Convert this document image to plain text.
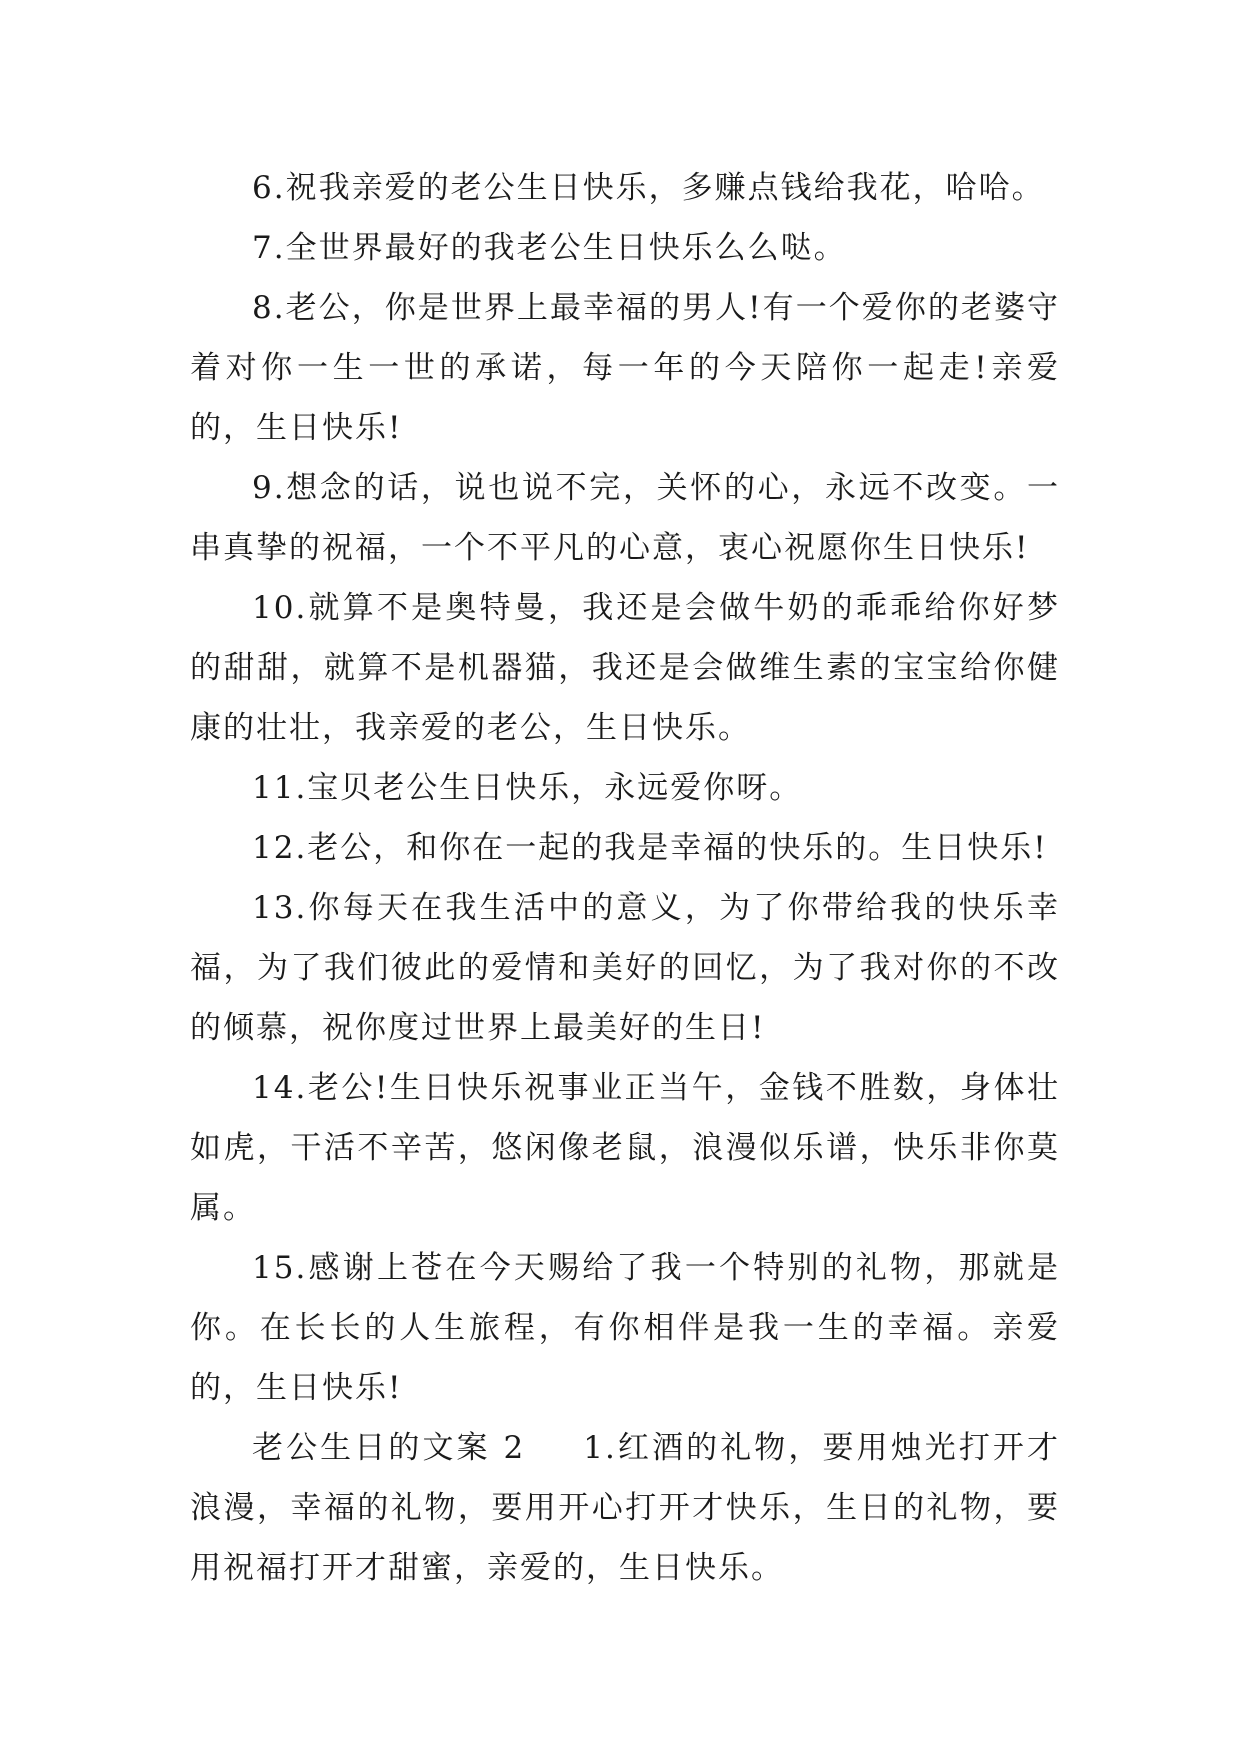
6.祝我亲爱的老公生日快乐，多赚点钱给我花，哈哈。

7.全世界最好的我老公生日快乐么么哒。

8.老公，你是世界上最幸福的男人!有一个爱你的老婆守着对你一生一世的承诺，每一年的今天陪你一起走!亲爱的，生日快乐!

9.想念的话，说也说不完，关怀的心，永远不改变。一串真挚的祝福，一个不平凡的心意，衷心祝愿你生日快乐!

10.就算不是奥特曼，我还是会做牛奶的乖乖给你好梦的甜甜，就算不是机器猫，我还是会做维生素的宝宝给你健康的壮壮，我亲爱的老公，生日快乐。

11.宝贝老公生日快乐，永远爱你呀。

12.老公，和你在一起的我是幸福的快乐的。生日快乐!

13.你每天在我生活中的意义，为了你带给我的快乐幸福，为了我们彼此的爱情和美好的回忆，为了我对你的不改的倾慕，祝你度过世界上最美好的生日!

14.老公!生日快乐祝事业正当午，金钱不胜数，身体壮如虎，干活不辛苦，悠闲像老鼠，浪漫似乐谱，快乐非你莫属。

15.感谢上苍在今天赐给了我一个特别的礼物，那就是你。在长长的人生旅程，有你相伴是我一生的幸福。亲爱的，生日快乐!

老公生日的文案 2 1.红酒的礼物，要用烛光打开才浪漫，幸福的礼物，要用开心打开才快乐，生日的礼物，要用祝福打开才甜蜜，亲爱的，生日快乐。
